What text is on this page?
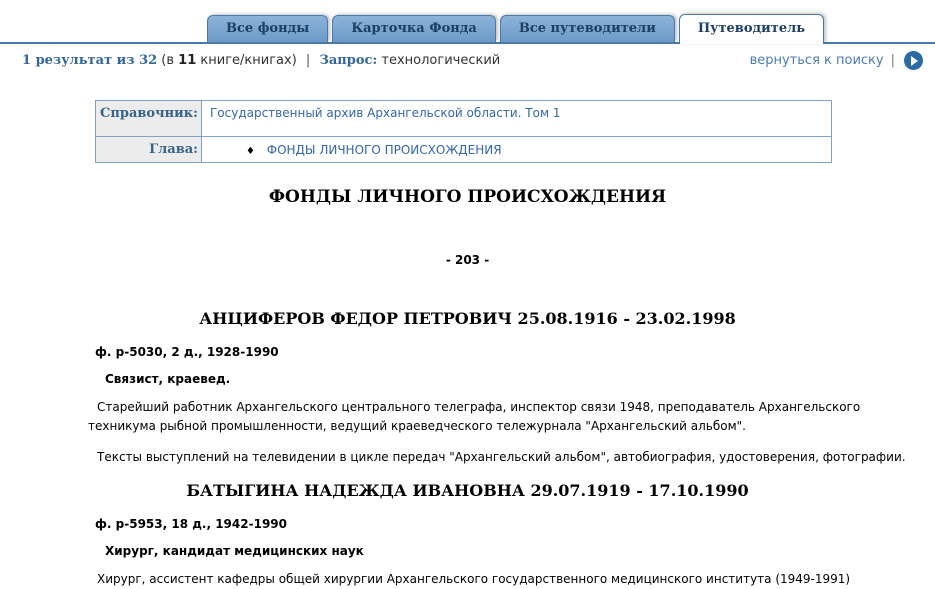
Все фонды	Карточка Фонда	Все путеводители	Путеводитель
1 результат из 32 (в 11 книге/книгах) | Запрос: технологический	вернуться к поиску |
Справочник:	Государственный архив Архангельской области. Том 1
Глава:	♦ ФОНДЫ ЛИЧНОГО ПРОИСХОЖДЕНИЯ
ФОНДЫ ЛИЧНОГО ПРОИСХОЖДЕНИЯ
- 203 -
АНЦИФЕРОВ ФЕДОР ПЕТРОВИЧ 25.08.1916 - 23.02.1998
ф. р-5030, 2 д., 1928-1990
Связист, краевед.

Старейший работник Архангельского центрального телеграфа, инспектор связи 1948, преподаватель Архангельского техникума рыбной промышленности, ведущий краеведческого тележурнала "Архангельский альбом".

Тексты выступлений на телевидении в цикле передач "Архангельский альбом", автобиография, удостоверения, фотографии.

БАТЫГИНА НАДЕЖДА ИВАНОВНА 29.07.1919 - 17.10.1990
ф. р-5953, 18 д., 1942-1990
Хирург, кандидат медицинских наук

Хирург, ассистент кафедры общей хирургии Архангельского государственного медицинского института (1949-1991)
